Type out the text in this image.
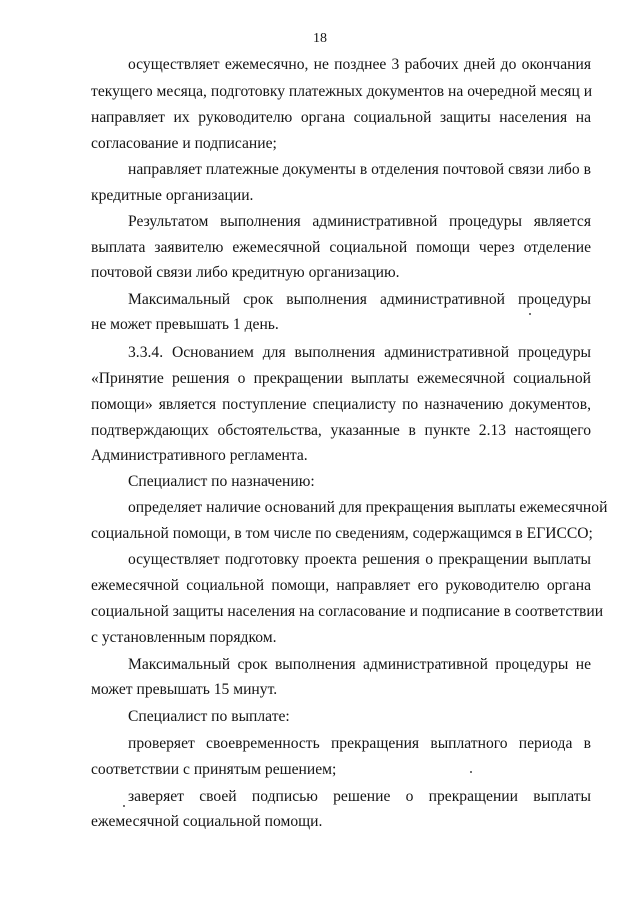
18
осуществляет ежемесячно, не позднее 3 рабочих дней до окончания
текущего месяца, подготовку платежных документов на очередной месяц и
направляет их руководителю органа социальной защиты населения на
согласование и подписание;
направляет платежные документы в отделения почтовой связи либо в
кредитные организации.
Результатом выполнения административной процедуры является
выплата заявителю ежемесячной социальной помощи через отделение
почтовой связи либо кредитную организацию.
Максимальный срок выполнения административной процедуры
не может превышать 1 день.
3.3.4. Основанием для выполнения административной процедуры
«Принятие решения о прекращении выплаты ежемесячной социальной
помощи» является поступление специалисту по назначению документов,
подтверждающих обстоятельства, указанные в пункте 2.13 настоящего
Административного регламента.
Специалист по назначению:
определяет наличие оснований для прекращения выплаты ежемесячной
социальной помощи, в том числе по сведениям, содержащимся в ЕГИССО;
осуществляет подготовку проекта решения о прекращении выплаты
ежемесячной социальной помощи, направляет его руководителю органа
социальной защиты населения на согласование и подписание в соответствии
с установленным порядком.
Максимальный срок выполнения административной процедуры не
может превышать 15 минут.
Специалист по выплате:
проверяет своевременность прекращения выплатного периода в
соответствии с принятым решением;
заверяет своей подписью решение о прекращении выплаты
ежемесячной социальной помощи.
